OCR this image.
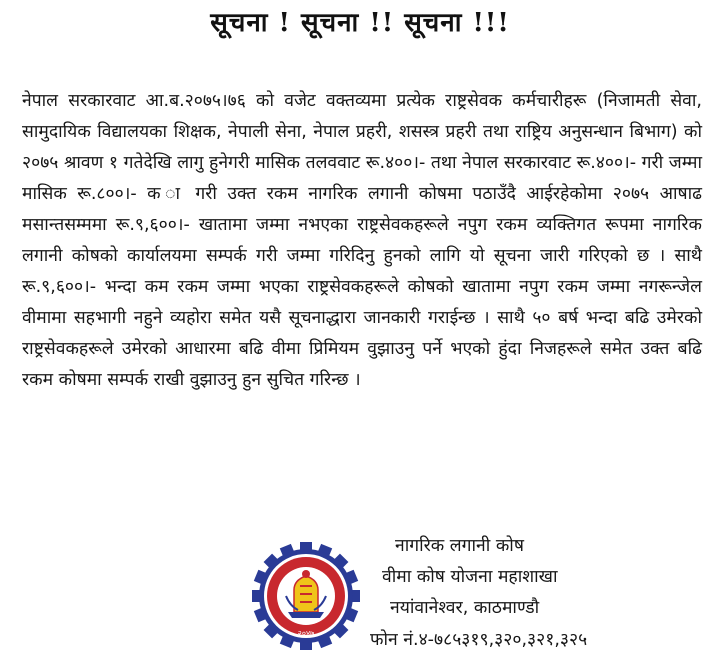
सूचना ! सूचना !! सूचना !!!

नेपाल सरकारवाट आ.ब.२०७५।७६ को वजेट वक्तव्यमा प्रत्येक राष्ट्रसेवक कर्मचारीहरू (निजामती सेवा, सामुदायिक विद्यालयका शिक्षक, नेपाली सेना, नेपाल प्रहरी, शसस्त्र प्रहरी तथा राष्ट्रिय अनुसन्धान बिभाग) को २०७५ श्रावण १ गतेदेखि लागु हुनेगरी मासिक तलववाट रू.४००।- तथा नेपाल सरकारवाट रू.४००।- गरी जम्मा मासिक रू.८००।- क ा गरी उक्त रकम नागरिक लगानी कोषमा पठाउँदै आईरहेकोमा २०७५ आषाढ मसान्तसम्ममा रू.९,६००।- खातामा जम्मा नभएका राष्ट्रसेवकहरूले नपुग रकम व्यक्तिगत रूपमा नागरिक लगानी कोषको कार्यालयमा सम्पर्क गरी जम्मा गरिदिनु हुनको लागि यो सूचना जारी गरिएको छ । साथै रू.९,६००।- भन्दा कम रकम जम्मा भएका राष्ट्रसेवकहरूले कोषको खातामा नपुग रकम जम्मा नगरून्जेल वीमामा सहभागी नहुने व्यहोरा समेत यसै सूचनाद्धारा जानकारी गराईन्छ । साथै ५० बर्ष भन्दा बढि उमेरको राष्ट्रसेवकहरूले उमेरको आधारमा बढि वीमा प्रिमियम वुझाउनु पर्ने भएको हुंदा निजहरूले समेत उक्त बढि रकम कोषमा सम्पर्क राखी वुझाउनु हुन सुचित गरिन्छ ।

२०४७
नागरिक लगानी कोष
वीमा कोष योजना महाशाखा
नयांवानेश्वर, काठमाण्डौ
फोन नं.४-७८५३१९,३२०,३२१,३२५
